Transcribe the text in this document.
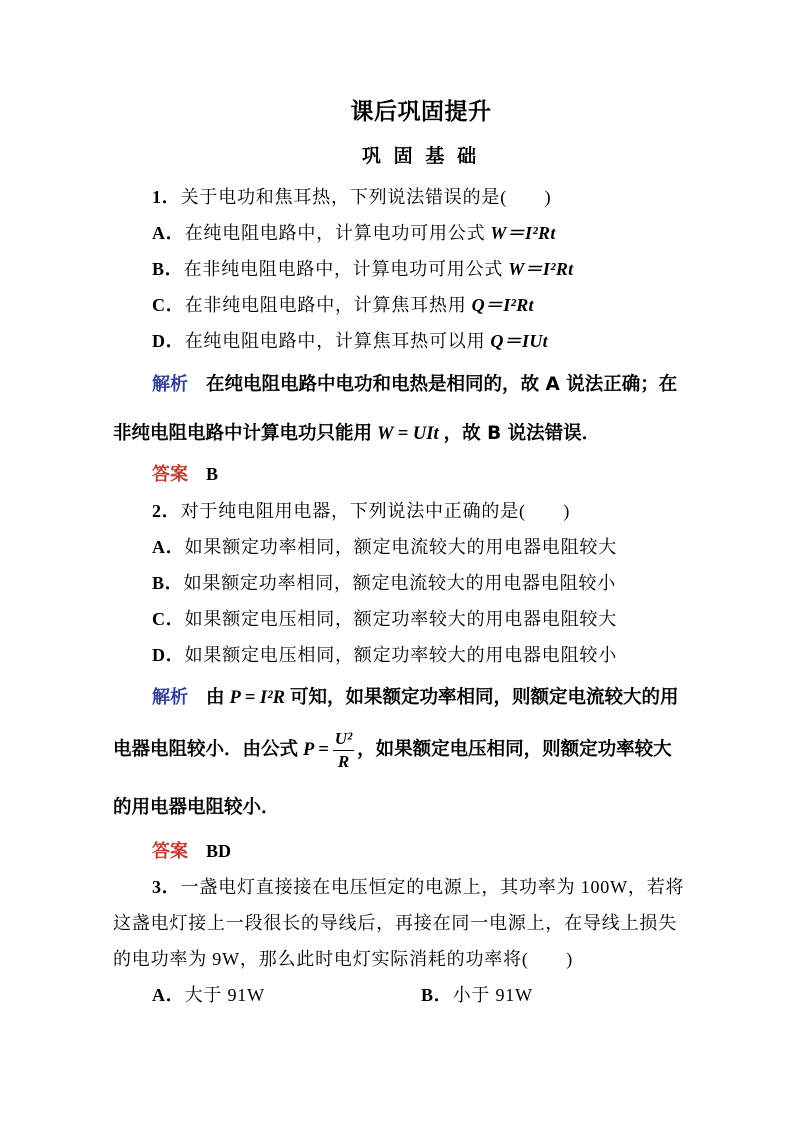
课后巩固提升
巩 固 基 础
1．关于电功和焦耳热，下列说法错误的是(　　)
A．在纯电阻电路中，计算电功可用公式 W＝I²Rt
B．在非纯电阻电路中，计算电功可用公式 W＝I²Rt
C．在非纯电阻电路中，计算焦耳热用 Q＝I²Rt
D．在纯电阻电路中，计算焦耳热可以用 Q＝IUt
解析 在纯电阻电路中电功和电热是相同的，故 A 说法正确；在
非纯电阻电路中计算电功只能用 W = UIt ，故 B 说法错误．
答案 B
2．对于纯电阻用电器，下列说法中正确的是(　　)
A．如果额定功率相同，额定电流较大的用电器电阻较大
B．如果额定功率相同，额定电流较大的用电器电阻较小
C．如果额定电压相同，额定功率较大的用电器电阻较大
D．如果额定电压相同，额定功率较大的用电器电阻较小
解析 由 P = I²R 可知，如果额定功率相同，则额定电流较大的用
电器电阻较小．由公式 $P = \frac{\text{U²}}{R}$ ，如果额定电压相同，则额定功率较大
的用电器电阻较小．
答案 BD
3．一盏电灯直接接在电压恒定的电源上，其功率为 100W，若将
这盏电灯接上一段很长的导线后，再接在同一电源上，在导线上损失
的电功率为 9W，那么此时电灯实际消耗的功率将(　　)
A．大于 91W	B．小于 91W
